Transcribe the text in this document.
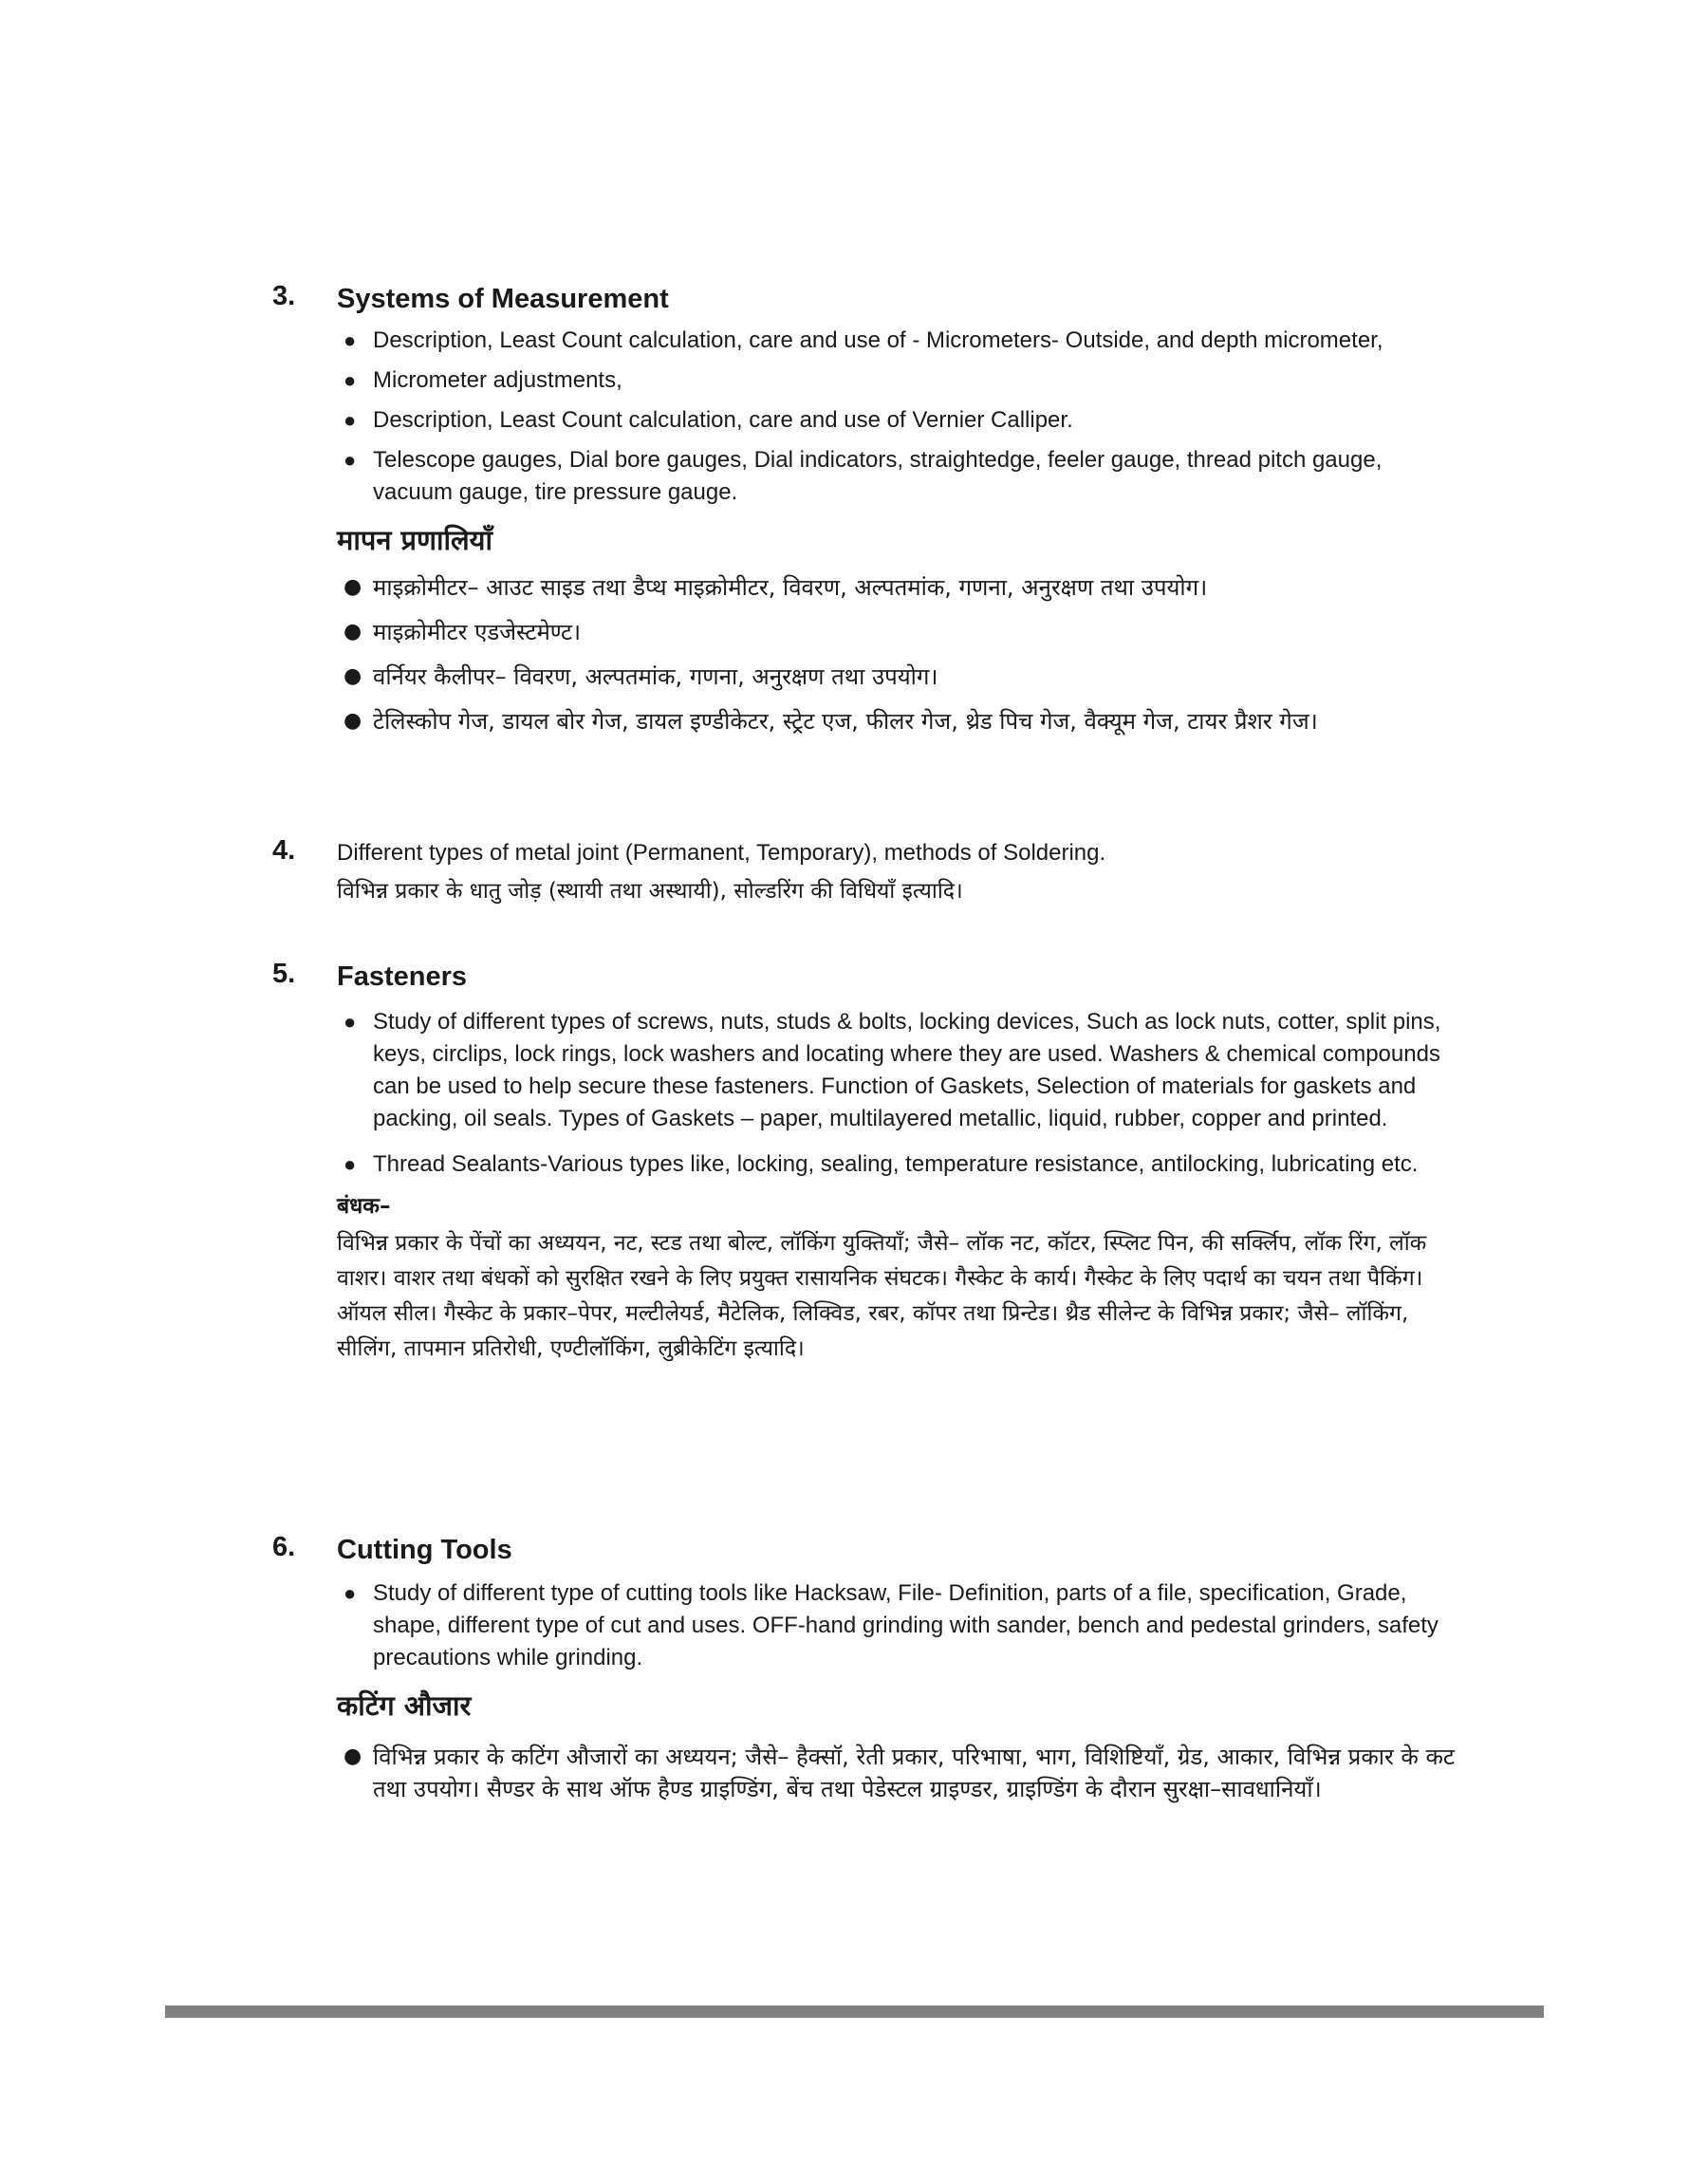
3. Systems of Measurement
● Description, Least Count calculation, care and use of - Micrometers- Outside, and depth micrometer,
● Micrometer adjustments,
● Description, Least Count calculation, care and use of Vernier Calliper.
● Telescope gauges, Dial bore gauges, Dial indicators, straightedge, feeler gauge, thread pitch gauge, vacuum gauge, tire pressure gauge.
मापन प्रणालियाँ
● माइक्रोमीटर– आउट साइड तथा डैप्थ माइक्रोमीटर, विवरण, अल्पतमांक, गणना, अनुरक्षण तथा उपयोग।
● माइक्रोमीटर एडजेस्टमेण्ट।
● वर्नियर कैलीपर– विवरण, अल्पतमांक, गणना, अनुरक्षण तथा उपयोग।
● टेलिस्कोप गेज, डायल बोर गेज, डायल इण्डीकेटर, स्ट्रेट एज, फीलर गेज, थ्रेड पिच गेज, वैक्यूम गेज, टायर प्रैशर गेज।
4. Different types of metal joint (Permanent, Temporary), methods of Soldering.
विभिन्न प्रकार के धातु जोड़ (स्थायी तथा अस्थायी), सोल्डरिंग की विधियाँ इत्यादि।
5. Fasteners
● Study of different types of screws, nuts, studs & bolts, locking devices, Such as lock nuts, cotter, split pins, keys, circlips, lock rings, lock washers and locating where they are used. Washers & chemical compounds can be used to help secure these fasteners. Function of Gaskets, Selection of materials for gaskets and packing, oil seals. Types of Gaskets – paper, multilayered metallic, liquid, rubber, copper and printed.
● Thread Sealants-Various types like, locking, sealing, temperature resistance, antilocking, lubricating etc.
बंधक–
विभिन्न प्रकार के पेंचों का अध्ययन, नट, स्टड तथा बोल्ट, लॉकिंग युक्तियाँ; जैसे– लॉक नट, कॉटर, स्प्लिट पिन, की सर्क्लिप, लॉक रिंग, लॉक वाशर। वाशर तथा बंधकों को सुरक्षित रखने के लिए प्रयुक्त रासायनिक संघटक। गैस्केट के कार्य। गैस्केट के लिए पदार्थ का चयन तथा पैकिंग। ऑयल सील। गैस्केट के प्रकार–पेपर, मल्टीलेयर्ड, मैटेलिक, लिक्विड, रबर, कॉपर तथा प्रिन्टेड। थ्रैड सीलेन्ट के विभिन्न प्रकार; जैसे– लॉकिंग, सीलिंग, तापमान प्रतिरोधी, एण्टीलॉकिंग, लुब्रीकेटिंग इत्यादि।
6. Cutting Tools
● Study of different type of cutting tools like Hacksaw, File- Definition, parts of a file, specification, Grade, shape, different type of cut and uses. OFF-hand grinding with sander, bench and pedestal grinders, safety precautions while grinding.
कटिंग औजार
● विभिन्न प्रकार के कटिंग औजारों का अध्ययन; जैसे– हैक्सॉ, रेती प्रकार, परिभाषा, भाग, विशिष्टियाँ, ग्रेड, आकार, विभिन्न प्रकार के कट तथा उपयोग। सैण्डर के साथ ऑफ हैण्ड ग्राइण्डिंग, बेंच तथा पेडेस्टल ग्राइण्डर, ग्राइण्डिंग के दौरान सुरक्षा–सावधानियाँ।
